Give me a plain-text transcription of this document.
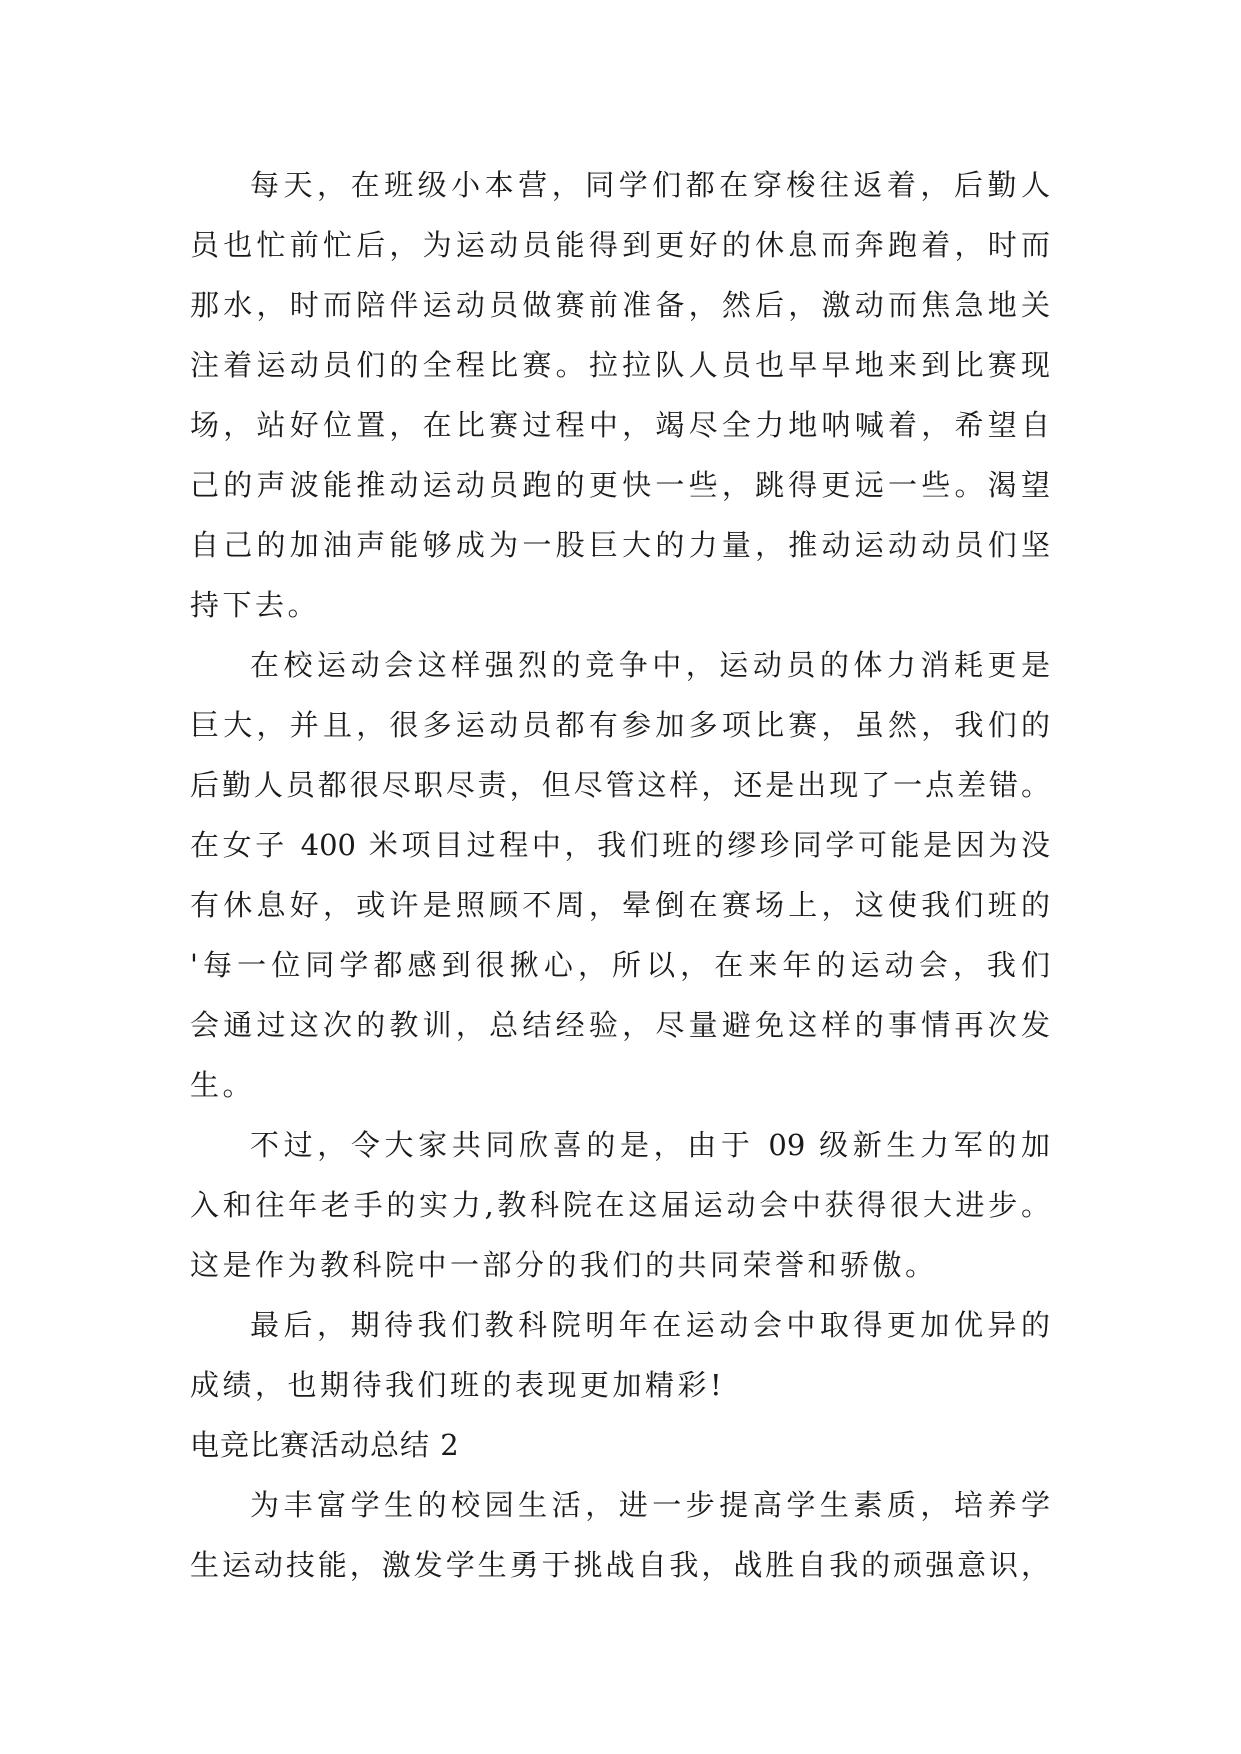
每天，在班级小本营，同学们都在穿梭往返着，后勤人
员也忙前忙后，为运动员能得到更好的休息而奔跑着，时而
那水，时而陪伴运动员做赛前准备，然后，激动而焦急地关
注着运动员们的全程比赛。拉拉队人员也早早地来到比赛现
场，站好位置，在比赛过程中，竭尽全力地呐喊着，希望自
己的声波能推动运动员跑的更快一些，跳得更远一些。渴望
自己的加油声能够成为一股巨大的力量，推动运动动员们坚
持下去。
在校运动会这样强烈的竞争中，运动员的体力消耗更是
巨大，并且，很多运动员都有参加多项比赛，虽然，我们的
后勤人员都很尽职尽责，但尽管这样，还是出现了一点差错。
在女子 400 米项目过程中，我们班的缪珍同学可能是因为没
有休息好，或许是照顾不周，晕倒在赛场上，这使我们班的
'每一位同学都感到很揪心，所以，在来年的运动会，我们
会通过这次的教训，总结经验，尽量避免这样的事情再次发
生。
不过，令大家共同欣喜的是，由于 09 级新生力军的加
入和往年老手的实力,教科院在这届运动会中获得很大进步。
这是作为教科院中一部分的我们的共同荣誉和骄傲。
最后，期待我们教科院明年在运动会中取得更加优异的
成绩，也期待我们班的表现更加精彩!
电竞比赛活动总结 2
为丰富学生的校园生活，进一步提高学生素质，培养学
生运动技能，激发学生勇于挑战自我，战胜自我的顽强意识，
